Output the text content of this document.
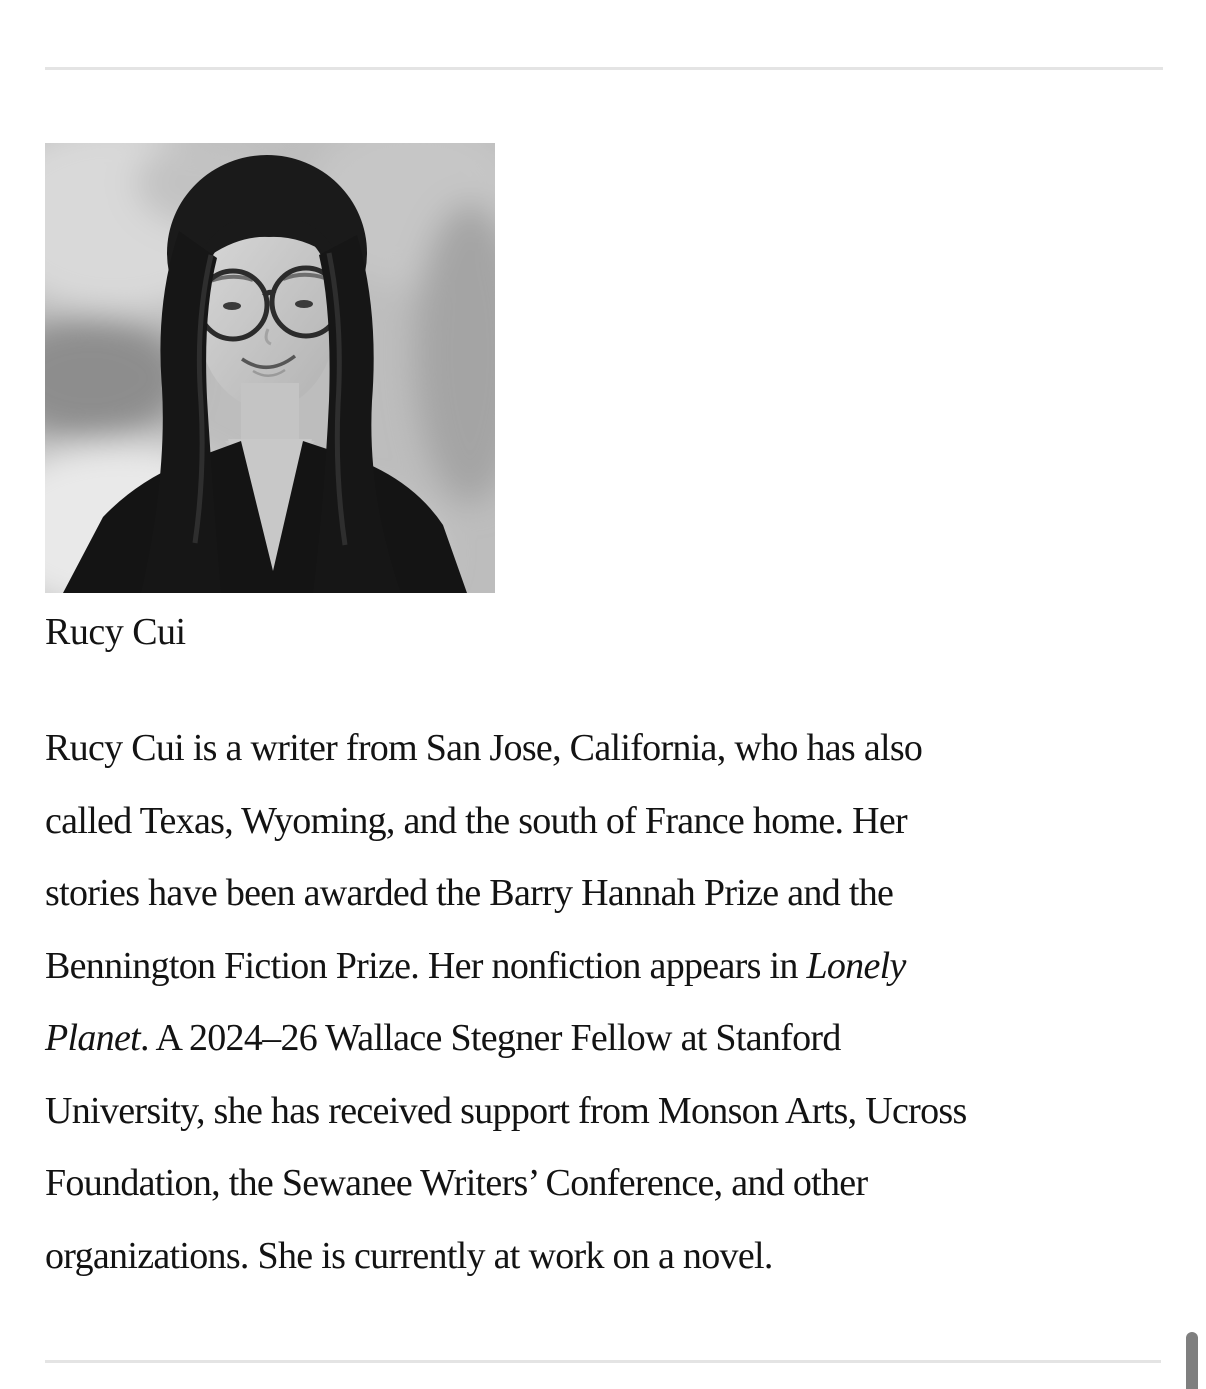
Rucy Cui
Rucy Cui is a writer from San Jose, California, who has also
called Texas, Wyoming, and the south of France home. Her
stories have been awarded the Barry Hannah Prize and the
Bennington Fiction Prize. Her nonfiction appears in Lonely
Planet. A 2024–26 Wallace Stegner Fellow at Stanford
University, she has received support from Monson Arts, Ucross
Foundation, the Sewanee Writers’ Conference, and other
organizations. She is currently at work on a novel.
